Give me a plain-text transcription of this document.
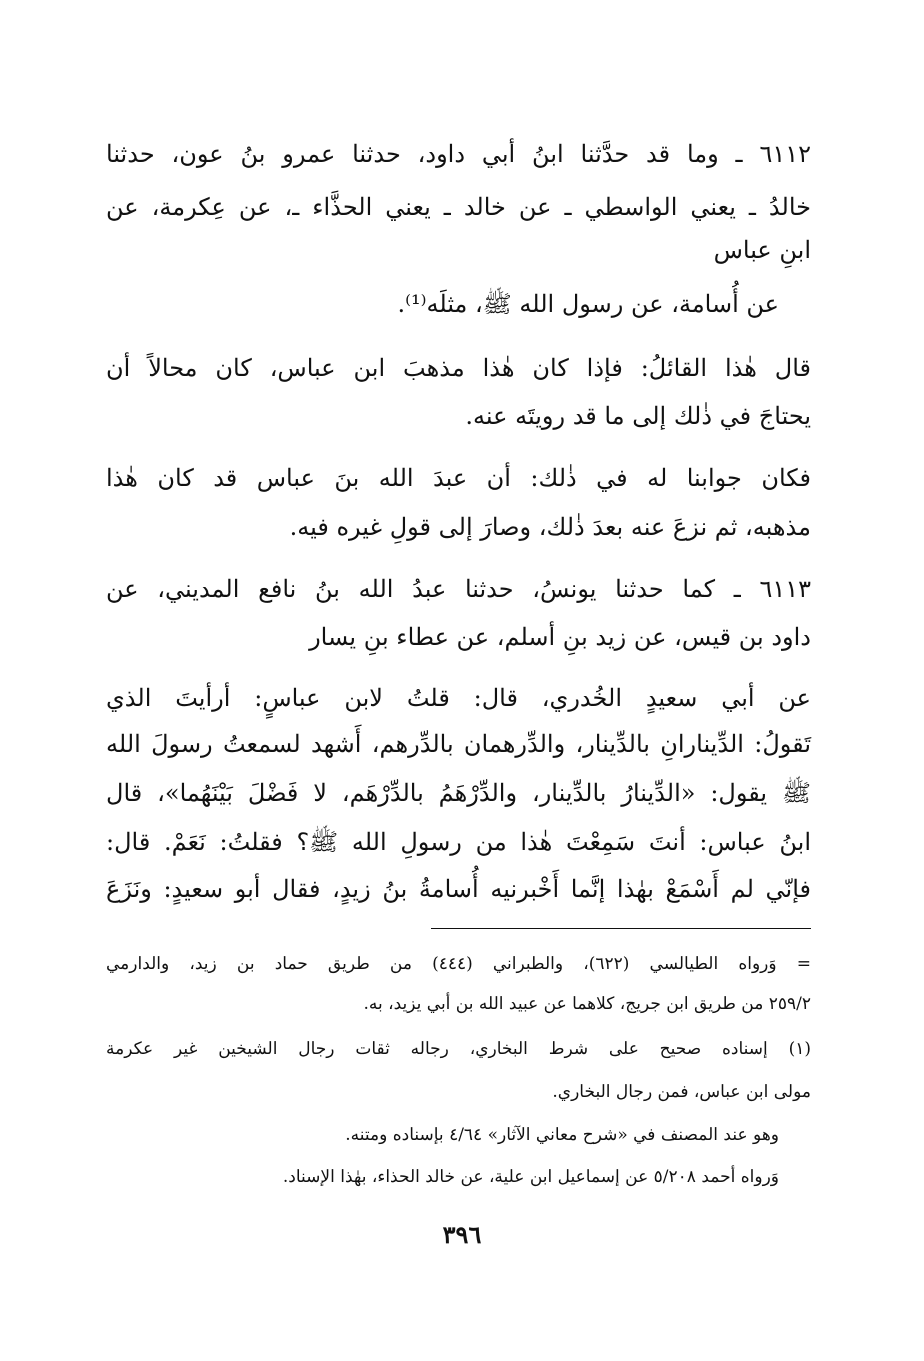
٦١١٢ ـ وما قد حدَّثنا ابنُ أبي داود، حدثنا عمرو بنُ عون، حدثنا
خالدُ ـ يعني الواسطي ـ عن خالد ـ يعني الحذَّاء ـ، عن عِكرمة، عن
ابنِ عباس
عن أُسامة، عن رسول الله ﷺ، مثلَه⁽¹⁾.
قال هٰذا القائلُ: فإذا كان هٰذا مذهبَ ابن عباس، كان محالاً أن
يحتاجَ في ذٰلك إلى ما قد رويتَه عنه.
فكان جوابنا له في ذٰلك: أن عبدَ الله بنَ عباس قد كان هٰذا
مذهبه، ثم نزعَ عنه بعدَ ذٰلك، وصارَ إلى قولِ غيره فيه.
٦١١٣ ـ كما حدثنا يونسُ، حدثنا عبدُ الله بنُ نافع المديني، عن
داود بن قيس، عن زيد بنِ أسلم، عن عطاء بنِ يسار
عن أبي سعيدٍ الخُدري، قال: قلتُ لابن عباسٍ: أرأيتَ الذي
تَقولُ: الدِّينارانِ بالدِّينار، والدِّرهمان بالدِّرهم، أَشهد لسمعتُ رسولَ الله
ﷺ يقول: «الدِّينارُ بالدِّينار، والدِّرْهَمُ بالدِّرْهَم، لا فَضْلَ بَيْنَهُما»، قال
ابنُ عباس: أنتَ سَمِعْتَ هٰذا من رسولِ الله ﷺ؟ فقلتُ: نَعَمْ. قال:
فإنّي لم أَسْمَعْ بهٰذا إنَّما أَخْبرنيه أُسامةُ بنُ زيدٍ، فقال أبو سعيدٍ: ونَزَعَ
= وَرواه الطيالسي (٦٢٢)، والطبراني (٤٤٤) من طريق حماد بن زيد، والدارمي
٢٥٩/٢ من طريق ابن جريج، كلاهما عن عبيد الله بن أبي يزيد، به.
(١) إسناده صحيح على شرط البخاري، رجاله ثقات رجال الشيخين غير عكرمة
مولى ابن عباس، فمن رجال البخاري.
وهو عند المصنف في «شرح معاني الآثار» ٤/٦٤ بإسناده ومتنه.
وَرواه أحمد ٥/٢٠٨ عن إسماعيل ابن علية، عن خالد الحذاء، بهٰذا الإسناد.
٣٩٦
